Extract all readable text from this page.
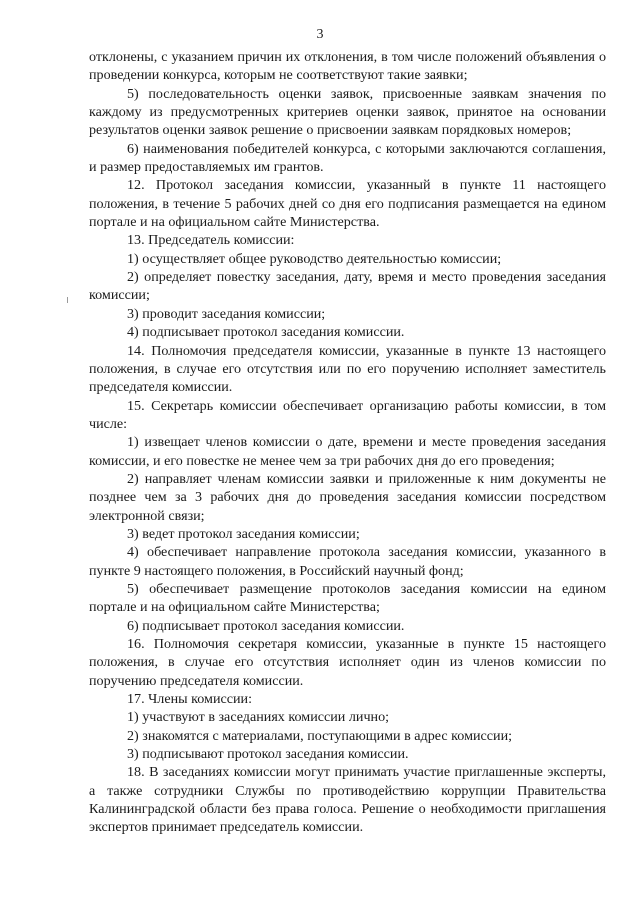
3

отклонены, с указанием причин их отклонения, в том числе положений объявления о проведении конкурса, которым не соответствуют такие заявки;

5) последовательность оценки заявок, присвоенные заявкам значения по каждому из предусмотренных критериев оценки заявок, принятое на основании результатов оценки заявок решение о присвоении заявкам порядковых номеров;

6) наименования победителей конкурса, с которыми заключаются соглашения, и размер предоставляемых им грантов.

12. Протокол заседания комиссии, указанный в пункте 11 настоящего положения, в течение 5 рабочих дней со дня его подписания размещается на едином портале и на официальном сайте Министерства.

13. Председатель комиссии:

1) осуществляет общее руководство деятельностью комиссии;

2) определяет повестку заседания, дату, время и место проведения заседания комиссии;

3) проводит заседания комиссии;

4) подписывает протокол заседания комиссии.

14. Полномочия председателя комиссии, указанные в пункте 13 настоящего положения, в случае его отсутствия или по его поручению исполняет заместитель председателя комиссии.

15. Секретарь комиссии обеспечивает организацию работы комиссии, в том числе:

1) извещает членов комиссии о дате, времени и месте проведения заседания комиссии, и его повестке не менее чем за три рабочих дня до его проведения;

2) направляет членам комиссии заявки и приложенные к ним документы не позднее чем за 3 рабочих дня до проведения заседания комиссии посредством электронной связи;

3) ведет протокол заседания комиссии;

4) обеспечивает направление протокола заседания комиссии, указанного в пункте 9 настоящего положения, в Российский научный фонд;

5) обеспечивает размещение протоколов заседания комиссии на едином портале и на официальном сайте Министерства;

6) подписывает протокол заседания комиссии.

16. Полномочия секретаря комиссии, указанные в пункте 15 настоящего положения, в случае его отсутствия исполняет один из членов комиссии по поручению председателя комиссии.

17. Члены комиссии:

1) участвуют в заседаниях комиссии лично;

2) знакомятся с материалами, поступающими в адрес комиссии;

3) подписывают протокол заседания комиссии.

18. В заседаниях комиссии могут принимать участие приглашенные эксперты, а также сотрудники Службы по противодействию коррупции Правительства Калининградской области без права голоса. Решение о необходимости приглашения экспертов принимает председатель комиссии.
